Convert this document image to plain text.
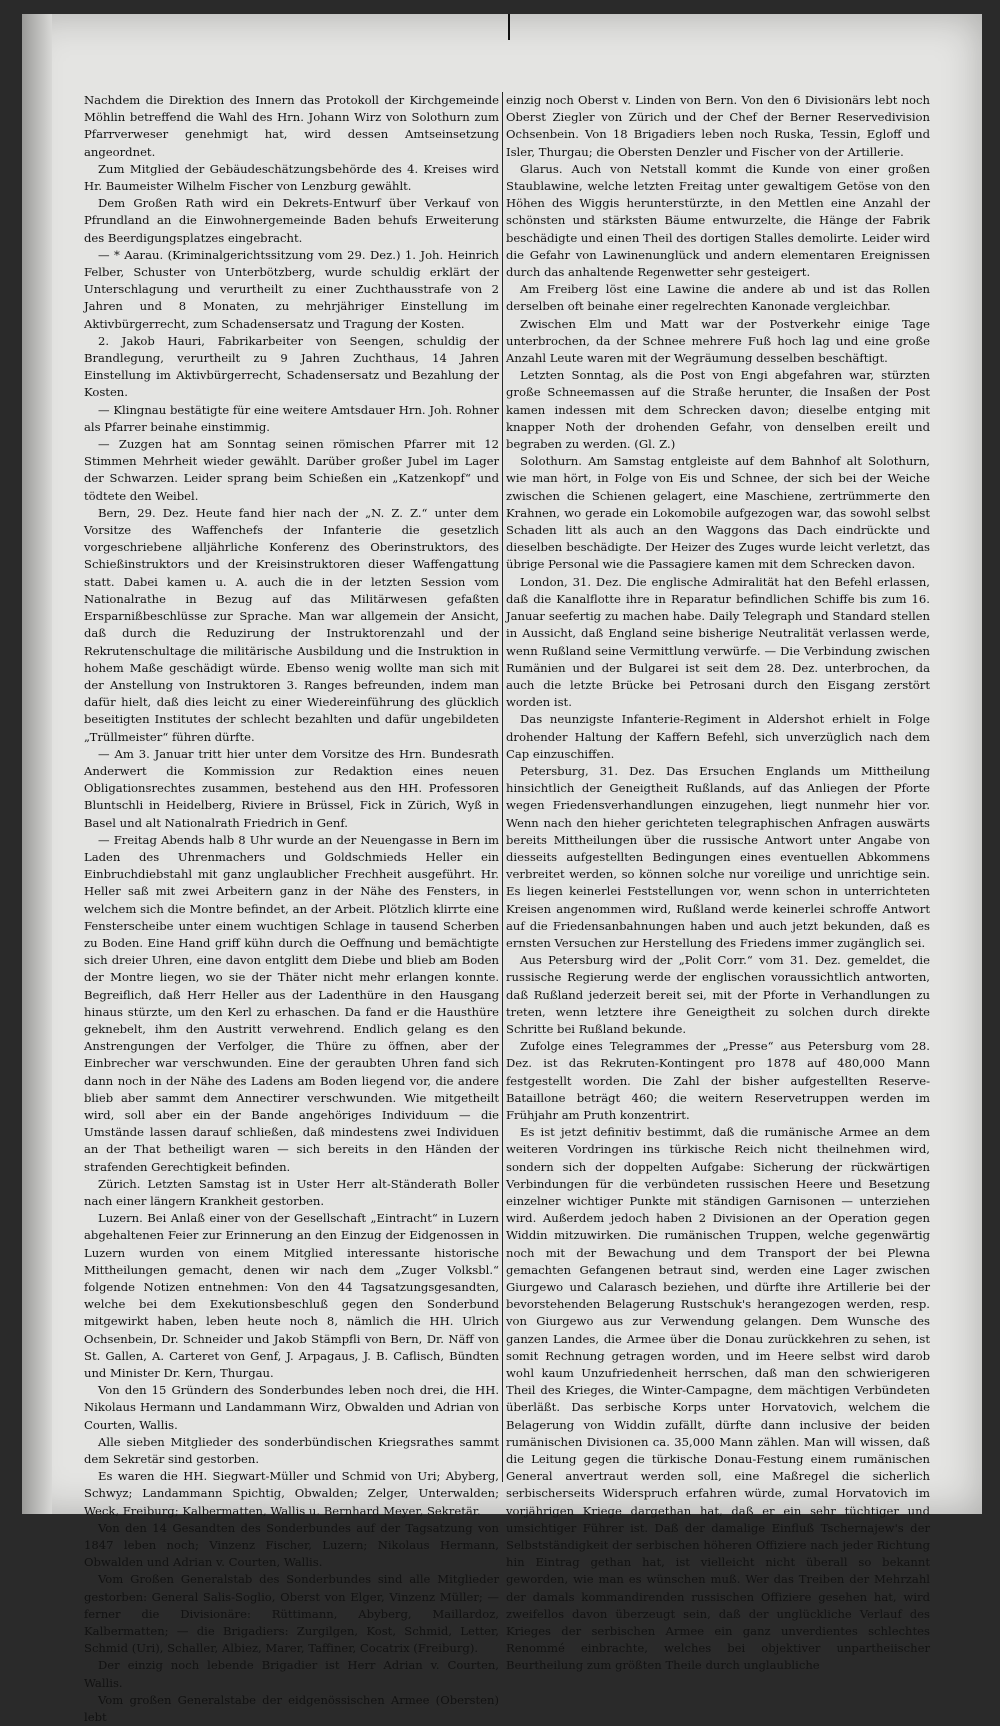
Nachdem die Direktion des Innern das Protokoll der Kirchgemeinde Möhlin betreffend die Wahl des Hrn. Johann Wirz von Solothurn zum Pfarrverweser genehmigt hat, wird dessen Amtseinsetzung angeordnet.

Zum Mitglied der Gebäudeschätzungsbehörde des 4. Kreises wird Hr. Baumeister Wilhelm Fischer von Lenzburg gewählt.

Dem Großen Rath wird ein Dekrets-Entwurf über Verkauf von Pfrundland an die Einwohnergemeinde Baden behufs Erweiterung des Beerdigungsplatzes eingebracht.

— * Aarau. (Kriminalgerichtssitzung vom 29. Dez.) 1. Joh. Heinrich Felber, Schuster von Unterbötzberg, wurde schuldig erklärt der Unterschlagung und verurtheilt zu einer Zuchthausstrafe von 2 Jahren und 8 Monaten, zu mehrjähriger Einstellung im Aktivbürgerrecht, zum Schadensersatz und Tragung der Kosten.

2. Jakob Hauri, Fabrikarbeiter von Seengen, schuldig der Brandlegung, verurtheilt zu 9 Jahren Zuchthaus, 14 Jahren Einstellung im Aktivbürgerrecht, Schadensersatz und Bezahlung der Kosten.

— Klingnau bestätigte für eine weitere Amtsdauer Hrn. Joh. Rohner als Pfarrer beinahe einstimmig.

— Zuzgen hat am Sonntag seinen römischen Pfarrer mit 12 Stimmen Mehrheit wieder gewählt. Darüber großer Jubel im Lager der Schwarzen. Leider sprang beim Schießen ein „Katzenkopf“ und tödtete den Weibel.

Bern, 29. Dez. Heute fand hier nach der „N. Z. Z.“ unter dem Vorsitze des Waffenchefs der Infanterie die gesetzlich vorgeschriebene alljährliche Konferenz des Oberinstruktors, des Schießinstruktors und der Kreisinstruktoren dieser Waffengattung statt. Dabei kamen u. A. auch die in der letzten Session vom Nationalrathe in Bezug auf das Militärwesen gefaßten Ersparnißbeschlüsse zur Sprache. Man war allgemein der Ansicht, daß durch die Reduzirung der Instruktorenzahl und der Rekrutenschultage die militärische Ausbildung und die Instruktion in hohem Maße geschädigt würde. Ebenso wenig wollte man sich mit der Anstellung von Instruktoren 3. Ranges befreunden, indem man dafür hielt, daß dies leicht zu einer Wiedereinführung des glücklich beseitigten Institutes der schlecht bezahlten und dafür ungebildeten „Trüllmeister“ führen dürfte.

— Am 3. Januar tritt hier unter dem Vorsitze des Hrn. Bundesrath Anderwert die Kommission zur Redaktion eines neuen Obligationsrechtes zusammen, bestehend aus den HH. Professoren Bluntschli in Heidelberg, Riviere in Brüssel, Fick in Zürich, Wyß in Basel und alt Nationalrath Friedrich in Genf.

— Freitag Abends halb 8 Uhr wurde an der Neuengasse in Bern im Laden des Uhrenmachers und Goldschmieds Heller ein Einbruchdiebstahl mit ganz unglaublicher Frechheit ausgeführt. Hr. Heller saß mit zwei Arbeitern ganz in der Nähe des Fensters, in welchem sich die Montre befindet, an der Arbeit. Plötzlich klirrte eine Fensterscheibe unter einem wuchtigen Schlage in tausend Scherben zu Boden. Eine Hand griff kühn durch die Oeffnung und bemächtigte sich dreier Uhren, eine davon entglitt dem Diebe und blieb am Boden der Montre liegen, wo sie der Thäter nicht mehr erlangen konnte. Begreiflich, daß Herr Heller aus der Ladenthüre in den Hausgang hinaus stürzte, um den Kerl zu erhaschen. Da fand er die Hausthüre geknebelt, ihm den Austritt verwehrend. Endlich gelang es den Anstrengungen der Verfolger, die Thüre zu öffnen, aber der Einbrecher war verschwunden. Eine der geraubten Uhren fand sich dann noch in der Nähe des Ladens am Boden liegend vor, die andere blieb aber sammt dem Annectirer verschwunden. Wie mitgetheilt wird, soll aber ein der Bande angehöriges Individuum — die Umstände lassen darauf schließen, daß mindestens zwei Individuen an der That betheiligt waren — sich bereits in den Händen der strafenden Gerechtigkeit befinden.

Zürich. Letzten Samstag ist in Uster Herr alt-Ständerath Boller nach einer längern Krankheit gestorben.

Luzern. Bei Anlaß einer von der Gesellschaft „Eintracht“ in Luzern abgehaltenen Feier zur Erinnerung an den Einzug der Eidgenossen in Luzern wurden von einem Mitglied interessante historische Mittheilungen gemacht, denen wir nach dem „Zuger Volksbl.“ folgende Notizen entnehmen: Von den 44 Tagsatzungsgesandten, welche bei dem Exekutionsbeschluß gegen den Sonderbund mitgewirkt haben, leben heute noch 8, nämlich die HH. Ulrich Ochsenbein, Dr. Schneider und Jakob Stämpfli von Bern, Dr. Näff von St. Gallen, A. Carteret von Genf, J. Arpagaus, J. B. Caflisch, Bündten und Minister Dr. Kern, Thurgau.

Von den 15 Gründern des Sonderbundes leben noch drei, die HH. Nikolaus Hermann und Landammann Wirz, Obwalden und Adrian von Courten, Wallis.

Alle sieben Mitglieder des sonderbündischen Kriegsrathes sammt dem Sekretär sind gestorben.

Es waren die HH. Siegwart-Müller und Schmid von Uri; Abyberg, Schwyz; Landammann Spichtig, Obwalden; Zelger, Unterwalden; Weck, Freiburg; Kalbermatten, Wallis u. Bernhard Meyer, Sekretär.

Von den 14 Gesandten des Sonderbundes auf der Tagsatzung von 1847 leben noch; Vinzenz Fischer, Luzern; Nikolaus Hermann, Obwalden und Adrian v. Courten, Wallis.

Vom Großen Generalstab des Sonderbundes sind alle Mitglieder gestorben: General Salis-Soglio, Oberst von Elger, Vinzenz Müller; — ferner die Divisionäre: Rüttimann, Abyberg, Maillardoz, Kalbermatten; — die Brigadiers: Zurgilgen, Kost, Schmid, Letter, Schmid (Uri), Schaller, Albiez, Marer, Taffiner, Cocatrix (Freiburg).

Der einzig noch lebende Brigadier ist Herr Adrian v. Courten, Wallis.

Vom großen Generalstabe der eidgenössischen Armee (Obersten) lebt

einzig noch Oberst v. Linden von Bern. Von den 6 Divisionärs lebt noch Oberst Ziegler von Zürich und der Chef der Berner Reservedivision Ochsenbein. Von 18 Brigadiers leben noch Ruska, Tessin, Egloff und Isler, Thurgau; die Obersten Denzler und Fischer von der Artillerie.

Glarus. Auch von Netstall kommt die Kunde von einer großen Staublawine, welche letzten Freitag unter gewaltigem Getöse von den Höhen des Wiggis herunterstürzte, in den Mettlen eine Anzahl der schönsten und stärksten Bäume entwurzelte, die Hänge der Fabrik beschädigte und einen Theil des dortigen Stalles demolirte. Leider wird die Gefahr von Lawinenunglück und andern elementaren Ereignissen durch das anhaltende Regenwetter sehr gesteigert.

Am Freiberg löst eine Lawine die andere ab und ist das Rollen derselben oft beinahe einer regelrechten Kanonade vergleichbar.

Zwischen Elm und Matt war der Postverkehr einige Tage unterbrochen, da der Schnee mehrere Fuß hoch lag und eine große Anzahl Leute waren mit der Wegräumung desselben beschäftigt.

Letzten Sonntag, als die Post von Engi abgefahren war, stürzten große Schneemassen auf die Straße herunter, die Insaßen der Post kamen indessen mit dem Schrecken davon; dieselbe entging mit knapper Noth der drohenden Gefahr, von denselben ereilt und begraben zu werden. (Gl. Z.)

Solothurn. Am Samstag entgleiste auf dem Bahnhof alt Solothurn, wie man hört, in Folge von Eis und Schnee, der sich bei der Weiche zwischen die Schienen gelagert, eine Maschiene, zertrümmerte den Krahnen, wo gerade ein Lokomobile aufgezogen war, das sowohl selbst Schaden litt als auch an den Waggons das Dach eindrückte und dieselben beschädigte. Der Heizer des Zuges wurde leicht verletzt, das übrige Personal wie die Passagiere kamen mit dem Schrecken davon.

London, 31. Dez. Die englische Admiralität hat den Befehl erlassen, daß die Kanalflotte ihre in Reparatur befindlichen Schiffe bis zum 16. Januar seefertig zu machen habe. Daily Telegraph und Standard stellen in Aussicht, daß England seine bisherige Neutralität verlassen werde, wenn Rußland seine Vermittlung verwürfe. — Die Verbindung zwischen Rumänien und der Bulgarei ist seit dem 28. Dez. unterbrochen, da auch die letzte Brücke bei Petrosani durch den Eisgang zerstört worden ist.

Das neunzigste Infanterie-Regiment in Aldershot erhielt in Folge drohender Haltung der Kaffern Befehl, sich unverzüglich nach dem Cap einzuschiffen.

Petersburg, 31. Dez. Das Ersuchen Englands um Mittheilung hinsichtlich der Geneigtheit Rußlands, auf das Anliegen der Pforte wegen Friedensverhandlungen einzugehen, liegt nunmehr hier vor. Wenn nach den hieher gerichteten telegraphischen Anfragen auswärts bereits Mittheilungen über die russische Antwort unter Angabe von diesseits aufgestellten Bedingungen eines eventuellen Abkommens verbreitet werden, so können solche nur voreilige und unrichtige sein. Es liegen keinerlei Feststellungen vor, wenn schon in unterrichteten Kreisen angenommen wird, Rußland werde keinerlei schroffe Antwort auf die Friedensanbahnungen haben und auch jetzt bekunden, daß es ernsten Versuchen zur Herstellung des Friedens immer zugänglich sei.

Aus Petersburg wird der „Polit Corr.“ vom 31. Dez. gemeldet, die russische Regierung werde der englischen voraussichtlich antworten, daß Rußland jederzeit bereit sei, mit der Pforte in Verhandlungen zu treten, wenn letztere ihre Geneigtheit zu solchen durch direkte Schritte bei Rußland bekunde.

Zufolge eines Telegrammes der „Presse“ aus Petersburg vom 28. Dez. ist das Rekruten-Kontingent pro 1878 auf 480,000 Mann festgestellt worden. Die Zahl der bisher aufgestellten Reserve-Bataillone beträgt 460; die weitern Reservetruppen werden im Frühjahr am Pruth konzentrirt.

Es ist jetzt definitiv bestimmt, daß die rumänische Armee an dem weiteren Vordringen ins türkische Reich nicht theilnehmen wird, sondern sich der doppelten Aufgabe: Sicherung der rückwärtigen Verbindungen für die verbündeten russischen Heere und Besetzung einzelner wichtiger Punkte mit ständigen Garnisonen — unterziehen wird. Außerdem jedoch haben 2 Divisionen an der Operation gegen Widdin mitzuwirken. Die rumänischen Truppen, welche gegenwärtig noch mit der Bewachung und dem Transport der bei Plewna gemachten Gefangenen betraut sind, werden eine Lager zwischen Giurgewo und Calarasch beziehen, und dürfte ihre Artillerie bei der bevorstehenden Belagerung Rustschuk's herangezogen werden, resp. von Giurgewo aus zur Verwendung gelangen. Dem Wunsche des ganzen Landes, die Armee über die Donau zurückkehren zu sehen, ist somit Rechnung getragen worden, und im Heere selbst wird darob wohl kaum Unzufriedenheit herrschen, daß man den schwierigeren Theil des Krieges, die Winter-Campagne, dem mächtigen Verbündeten überläßt. Das serbische Korps unter Horvatovich, welchem die Belagerung von Widdin zufällt, dürfte dann inclusive der beiden rumänischen Divisionen ca. 35,000 Mann zählen. Man will wissen, daß die Leitung gegen die türkische Donau-Festung einem rumänischen General anvertraut werden soll, eine Maßregel die sicherlich serbischerseits Widerspruch erfahren würde, zumal Horvatovich im vorjährigen Kriege dargethan hat, daß er ein sehr tüchtiger und umsichtiger Führer ist. Daß der damalige Einfluß Tschernajew's der Selbstständigkeit der serbischen höheren Offiziere nach jeder Richtung hin Eintrag gethan hat, ist vielleicht nicht überall so bekannt geworden, wie man es wünschen muß. Wer das Treiben der Mehrzahl der damals kommandirenden russischen Offiziere gesehen hat, wird zweifellos davon überzeugt sein, daß der unglückliche Verlauf des Krieges der serbischen Armee ein ganz unverdientes schlechtes Renommé einbrachte, welches bei objektiver unpartheiischer Beurtheilung zum größten Theile durch unglaubliche
